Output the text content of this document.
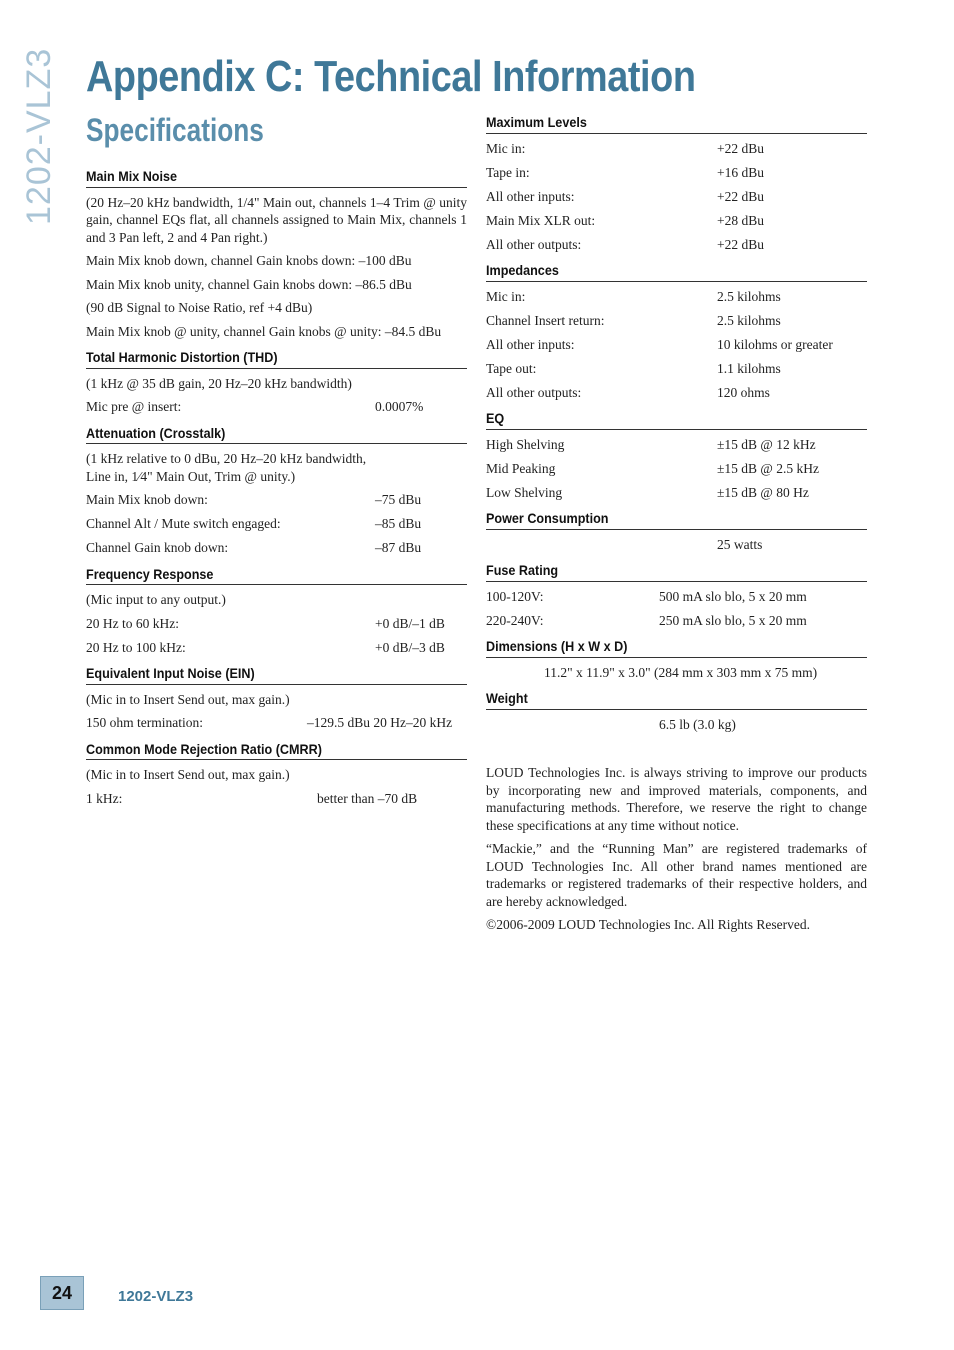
1202-VLZ3 Appendix C: Technical Information
Specifications
Main Mix Noise

(20 Hz–20 kHz bandwidth, 1/4" Main out, channels 1–4 Trim @ unity gain, channel EQs flat, all channels assigned to Main Mix, channels 1 and 3 Pan left, 2 and 4 Pan right.)

Main Mix knob down, channel Gain knobs down: –100 dBu

Main Mix knob unity, channel Gain knobs down: –86.5 dBu

(90 dB Signal to Noise Ratio, ref +4 dBu)

Main Mix knob @ unity, channel Gain knobs @ unity: –84.5 dBu

Total Harmonic Distortion (THD)

(1 kHz @ 35 dB gain, 20 Hz–20 kHz bandwidth)

Mic pre @ insert:	0.0007%
Attenuation (Crosstalk)

(1 kHz relative to 0 dBu, 20 Hz–20 kHz bandwidth,

Line in, 1⁄4" Main Out, Trim @ unity.)

Main Mix knob down:	–75 dBu
Channel Alt / Mute switch engaged:	–85 dBu
Channel Gain knob down:	–87 dBu
Frequency Response

(Mic input to any output.)

20 Hz to 60 kHz:	+0 dB/–1 dB
20 Hz to 100 kHz:	+0 dB/–3 dB
Equivalent Input Noise (EIN)

(Mic in to Insert Send out, max gain.)

150 ohm termination:	–129.5 dBu 20 Hz–20 kHz
Common Mode Rejection Ratio (CMRR)

(Mic in to Insert Send out, max gain.)

1 kHz:	better than –70 dB
Maximum Levels
Mic in:	+22 dBu
Tape in:	+16 dBu
All other inputs:	+22 dBu
Main Mix XLR out:	+28 dBu
All other outputs:	+22 dBu
Impedances
Mic in:	2.5 kilohms
Channel Insert return:	2.5 kilohms
All other inputs:	10 kilohms or greater
Tape out:	1.1 kilohms
All other outputs:	120 ohms
EQ
High Shelving	±15 dB @ 12 kHz
Mid Peaking	±15 dB @ 2.5 kHz
Low Shelving	±15 dB @ 80 Hz
Power Consumption
25 watts
Fuse Rating
100-120V:	500 mA slo blo, 5 x 20 mm
220-240V:	250 mA slo blo, 5 x 20 mm
Dimensions (H x W x D)
11.2" x 11.9" x 3.0" (284 mm x 303 mm x 75 mm)
Weight
6.5 lb (3.0 kg)

LOUD Technologies Inc. is always striving to improve our products by incorporating new and improved materials, components, and manufacturing methods. Therefore, we reserve the right to change these specifications at any time without notice.

“Mackie,” and the “Running Man” are registered trademarks of LOUD Technologies Inc. All other brand names mentioned are trademarks or registered trademarks of their respective holders, and are hereby acknowledged.

©2006-2009 LOUD Technologies Inc. All Rights Reserved.

24	1202-VLZ3
